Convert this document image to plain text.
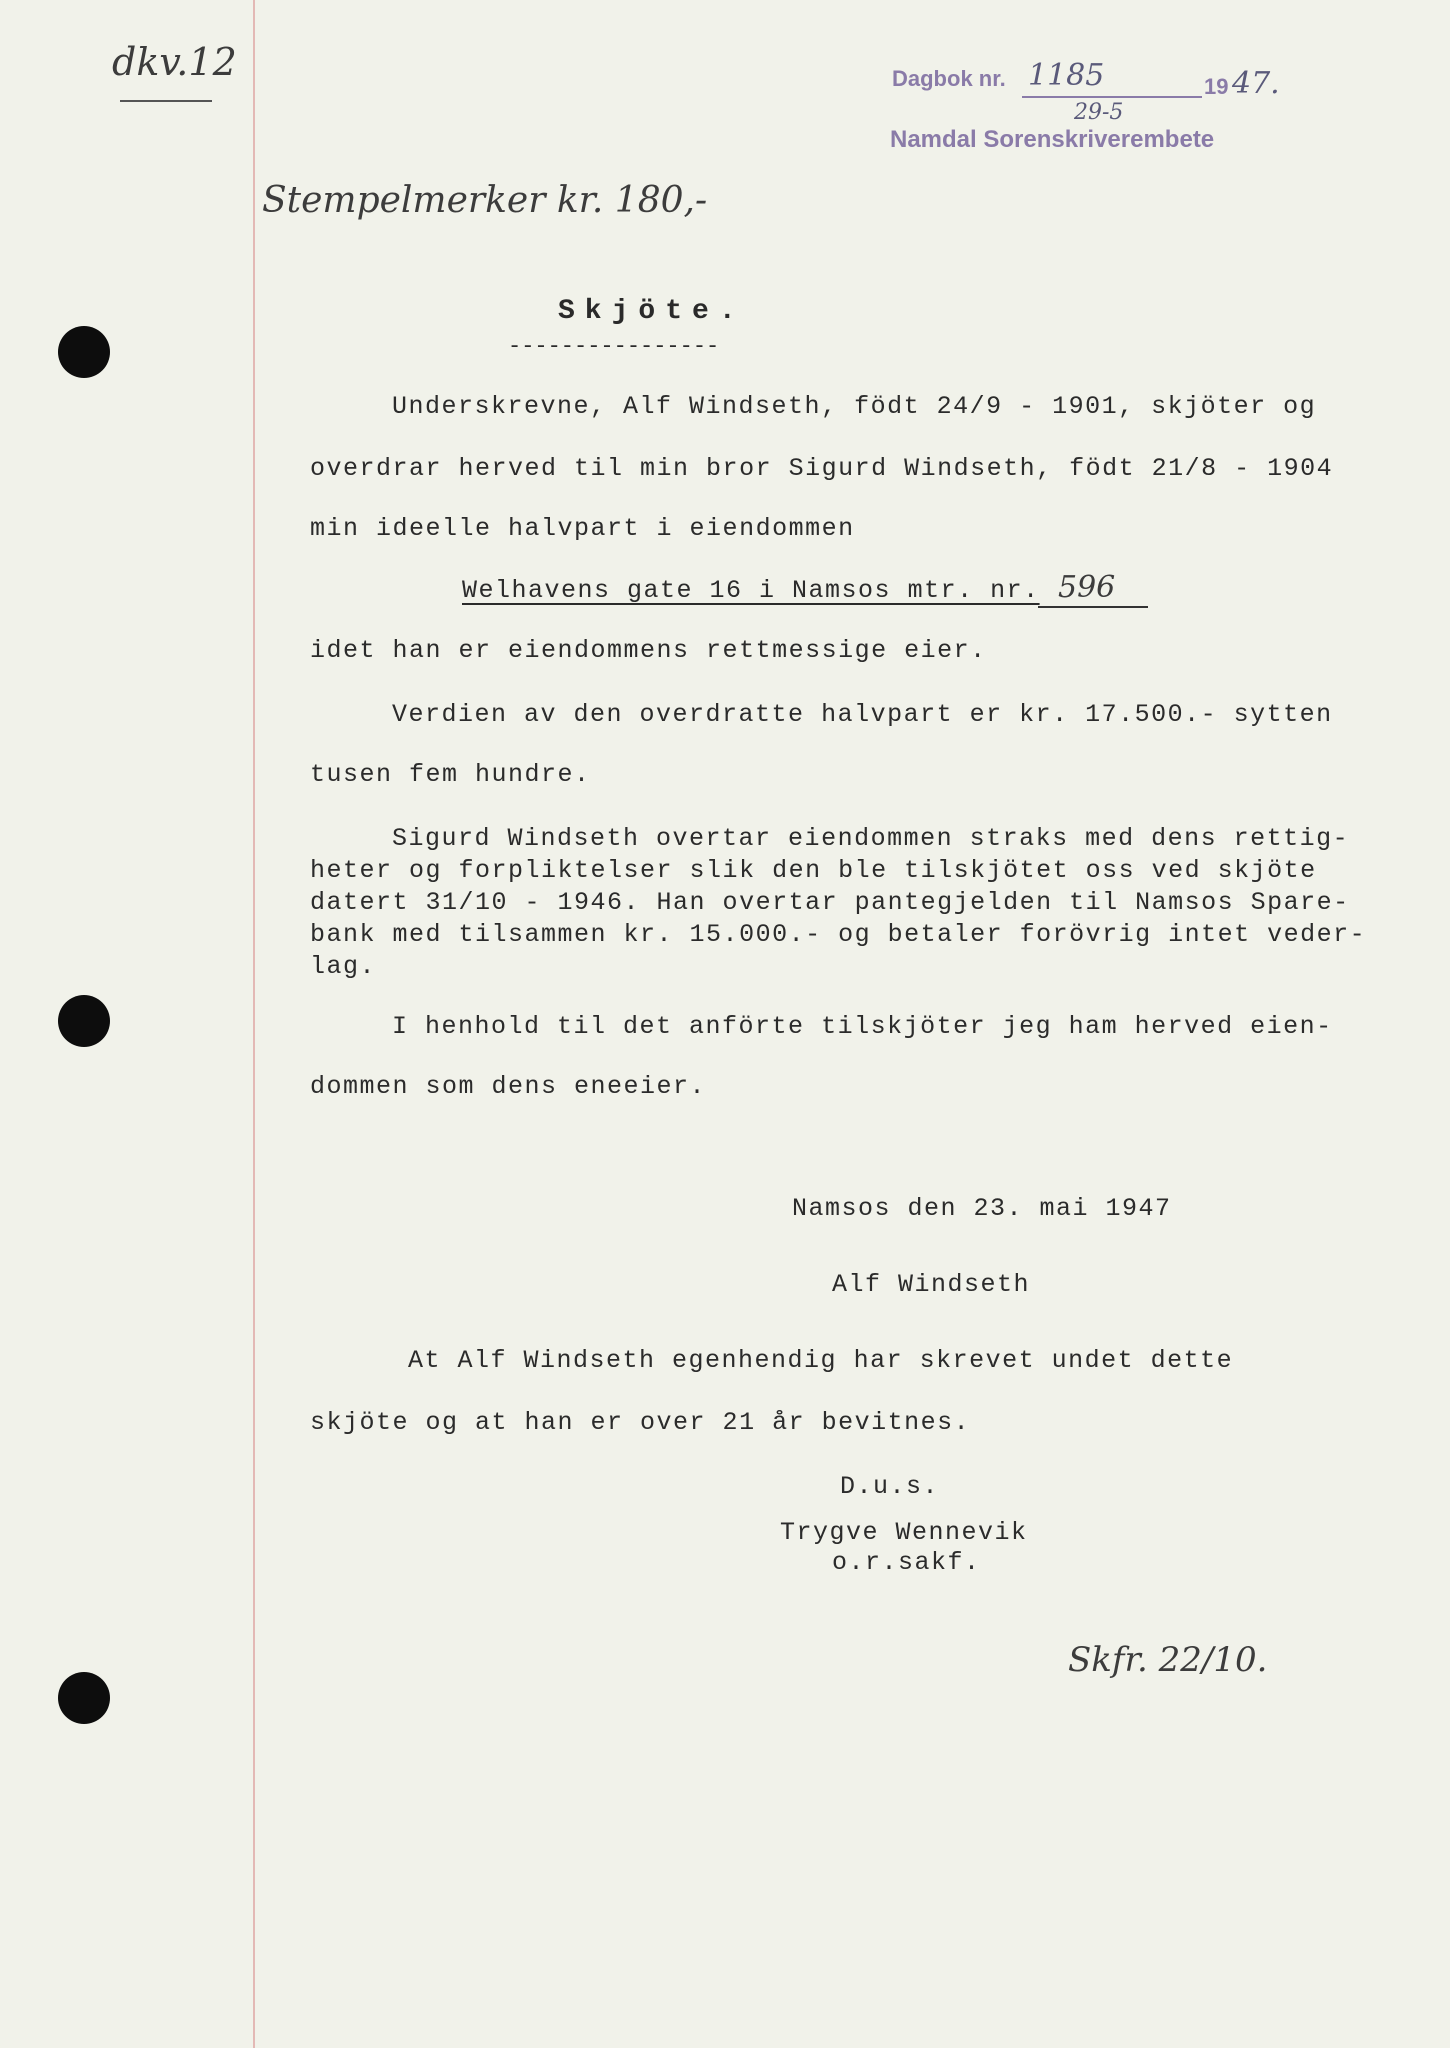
dkv.12	Dagbok nr. 1185	19 47.
29-5
Namdal Sorenskriverembete
Stempelmerker kr. 180,-
Skjöte.
----------------
Underskrevne, Alf Windseth, födt 24/9 - 1901, skjöter og
overdrar herved til min bror Sigurd Windseth, födt 21/8 - 1904
min ideelle halvpart i eiendommen
Welhavens gate 16 i Namsos mtr. nr. 596
idet han er eiendommens rettmessige eier.
Verdien av den overdratte halvpart er kr. 17.500.- sytten
tusen fem hundre.
Sigurd Windseth overtar eiendommen straks med dens rettig-
heter og forpliktelser slik den ble tilskjötet oss ved skjöte
datert 31/10 - 1946. Han overtar pantegjelden til Namsos Spare-
bank med tilsammen kr. 15.000.- og betaler forövrig intet veder-
lag.
I henhold til det anförte tilskjöter jeg ham herved eien-
dommen som dens eneeier.
Namsos den 23. mai 1947
Alf Windseth
At Alf Windseth egenhendig har skrevet undet dette
skjöte og at han er over 21 år bevitnes.
D.u.s.
Trygve Wennevik
o.r.sakf.
Skfr. 22/10.
